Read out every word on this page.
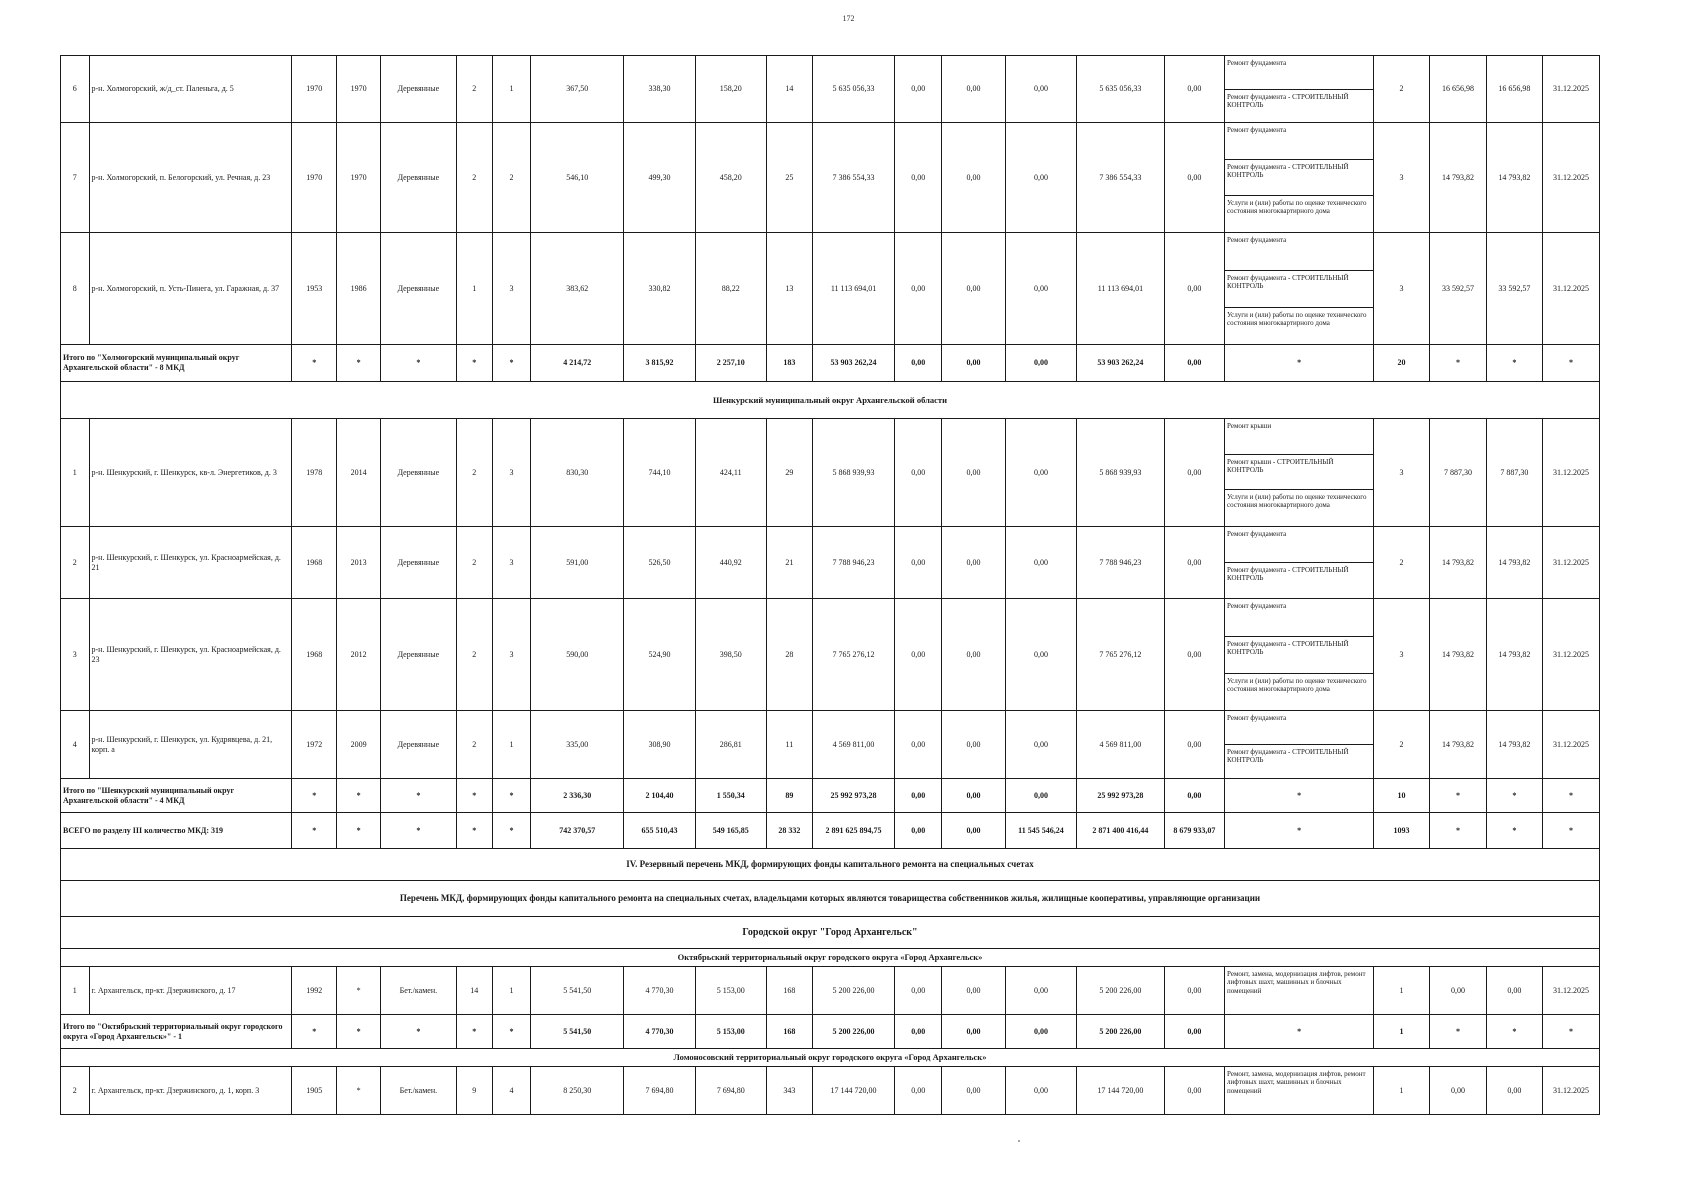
172
6	р-н. Холмогорский, ж/д_ст. Паленьга, д. 5	1970	1970	Деревянные	2	1	367,50	338,30	158,20	14	5 635 056,33	0,00	0,00	0,00	5 635 056,33	0,00	Ремонт фундамента
Ремонт фундамента - СТРОИТЕЛЬНЫЙ КОНТРОЛЬ	2	16 656,98	16 656,98	31.12.2025
7	р-н. Холмогорский, п. Белогорский, ул. Речная, д. 23	1970	1970	Деревянные	2	2	546,10	499,30	458,20	25	7 386 554,33	0,00	0,00	0,00	7 386 554,33	0,00	Ремонт фундамента
Ремонт фундамента - СТРОИТЕЛЬНЫЙ КОНТРОЛЬ
Услуги и (или) работы по оценке технического состояния многоквартирного дома	3	14 793,82	14 793,82	31.12.2025
8	р-н. Холмогорский, п. Усть-Пинега, ул. Гаражная, д. 37	1953	1986	Деревянные	1	3	383,62	330,82	88,22	13	11 113 694,01	0,00	0,00	0,00	11 113 694,01	0,00	Ремонт фундамента
Ремонт фундамента - СТРОИТЕЛЬНЫЙ КОНТРОЛЬ
Услуги и (или) работы по оценке технического состояния многоквартирного дома	3	33 592,57	33 592,57	31.12.2025
Итого по "Холмогорский муниципальный округ Архангельской области" - 8 МКД		*	*	*	*	*	4 214,72	3 815,92	2 257,10	183	53 903 262,24	0,00	0,00	0,00	53 903 262,24	0,00	*	20	*	*	*
Шенкурский муниципальный округ Архангельской области																					
1	р-н. Шенкурский, г. Шенкурск, кв-л. Энергетиков, д. 3	1978	2014	Деревянные	2	3	830,30	744,10	424,11	29	5 868 939,93	0,00	0,00	0,00	5 868 939,93	0,00	Ремонт крыши
Ремонт крыши - СТРОИТЕЛЬНЫЙ КОНТРОЛЬ
Услуги и (или) работы по оценке технического состояния многоквартирного дома	3	7 887,30	7 887,30	31.12.2025
2	р-н. Шенкурский, г. Шенкурск, ул. Красноармейская, д. 21	1968	2013	Деревянные	2	3	591,00	526,50	440,92	21	7 788 946,23	0,00	0,00	0,00	7 788 946,23	0,00	Ремонт фундамента
Ремонт фундамента - СТРОИТЕЛЬНЫЙ КОНТРОЛЬ	2	14 793,82	14 793,82	31.12.2025
3	р-н. Шенкурский, г. Шенкурск, ул. Красноармейская, д. 23	1968	2012	Деревянные	2	3	590,00	524,90	398,50	28	7 765 276,12	0,00	0,00	0,00	7 765 276,12	0,00	Ремонт фундамента
Ремонт фундамента - СТРОИТЕЛЬНЫЙ КОНТРОЛЬ
Услуги и (или) работы по оценке технического состояния многоквартирного дома	3	14 793,82	14 793,82	31.12.2025
4	р-н. Шенкурский, г. Шенкурск, ул. Кудрявцева, д. 21, корп. а	1972	2009	Деревянные	2	1	335,00	308,90	286,81	11	4 569 811,00	0,00	0,00	0,00	4 569 811,00	0,00	Ремонт фундамента
Ремонт фундамента - СТРОИТЕЛЬНЫЙ КОНТРОЛЬ	2	14 793,82	14 793,82	31.12.2025
Итого по "Шенкурский муниципальный округ Архангельской области" - 4 МКД		*	*	*	*	*	2 336,30	2 104,40	1 550,34	89	25 992 973,28	0,00	0,00	0,00	25 992 973,28	0,00	*	10	*	*	*
ВСЕГО по разделу III количество МКД: 319		*	*	*	*	*	742 370,57	655 510,43	549 165,85	28 332	2 891 625 894,75	0,00	0,00	11 545 546,24	2 871 400 416,44	8 679 933,07	*	1093	*	*	*
IV. Резервный перечень МКД, формирующих фонды капитального ремонта на специальных счетах																					
Перечень МКД, формирующих фонды капитального ремонта на специальных счетах, владельцами которых являются товарищества собственников жилья, жилищные кооперативы, управляющие организации																					
Городской округ "Город Архангельск"																					
Октябрьский территориальный округ городского округа «Город Архангельск»																					
1	г. Архангельск, пр-кт. Дзержинского, д. 17	1992	*	Бет./камен.	14	1	5 541,50	4 770,30	5 153,00	168	5 200 226,00	0,00	0,00	0,00	5 200 226,00	0,00	Ремонт, замена, модернизация лифтов, ремонт лифтовых шахт, машинных и блочных помещений	1	0,00	0,00	31.12.2025
Итого по "Октябрьский территориальный округ городского округа «Город Архангельск»" - 1		*	*	*	*	*	5 541,50	4 770,30	5 153,00	168	5 200 226,00	0,00	0,00	0,00	5 200 226,00	0,00	*	1	*	*	*
Ломоносовский территориальный округ городского округа «Город Архангельск»																					
2	г. Архангельск, пр-кт. Дзержинского, д. 1, корп. 3	1905	*	Бет./камен.	9	4	8 250,30	7 694,80	7 694,80	343	17 144 720,00	0,00	0,00	0,00	17 144 720,00	0,00	Ремонт, замена, модернизация лифтов, ремонт лифтовых шахт, машинных и блочных помещений	1	0,00	0,00	31.12.2025
